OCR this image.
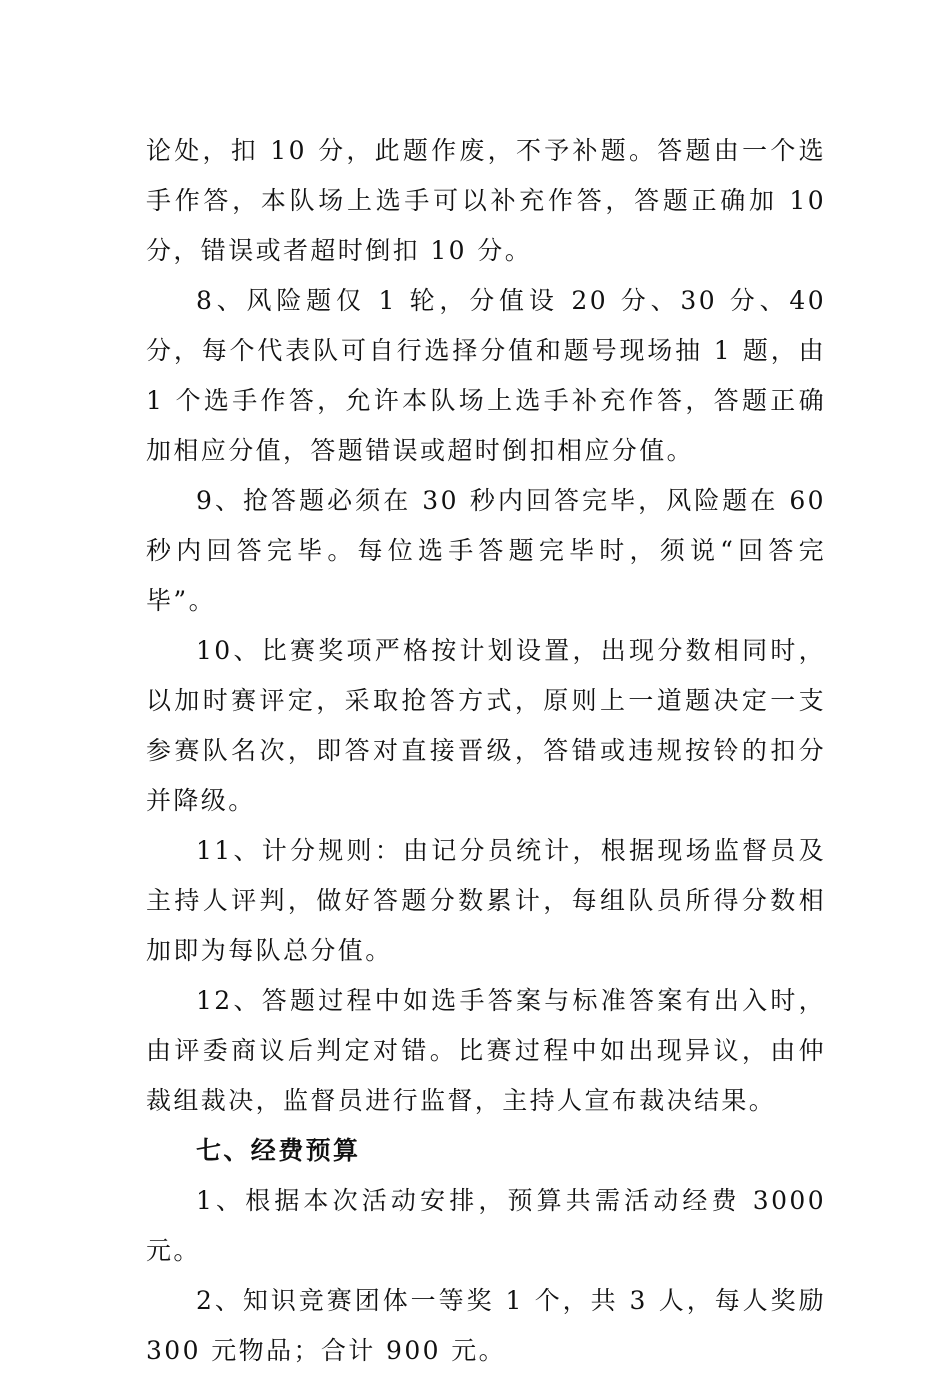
论处，扣 10 分，此题作废，不予补题。答题由一个选手作答，本队场上选手可以补充作答，答题正确加 10 分，错误或者超时倒扣 10 分。

8、风险题仅 1 轮，分值设 20 分、30 分、40 分，每个代表队可自行选择分值和题号现场抽 1 题，由 1 个选手作答，允许本队场上选手补充作答，答题正确加相应分值，答题错误或超时倒扣相应分值。

9、抢答题必须在 30 秒内回答完毕，风险题在 60 秒内回答完毕。每位选手答题完毕时，须说“回答完毕”。

10、比赛奖项严格按计划设置，出现分数相同时，以加时赛评定，采取抢答方式，原则上一道题决定一支参赛队名次，即答对直接晋级，答错或违规按铃的扣分并降级。

11、计分规则：由记分员统计，根据现场监督员及主持人评判，做好答题分数累计，每组队员所得分数相加即为每队总分值。

12、答题过程中如选手答案与标准答案有出入时，由评委商议后判定对错。比赛过程中如出现异议，由仲裁组裁决，监督员进行监督，主持人宣布裁决结果。

七、经费预算

1、根据本次活动安排，预算共需活动经费 3000 元。

2、知识竞赛团体一等奖 1 个，共 3 人，每人奖励 300 元物品；合计 900 元。
